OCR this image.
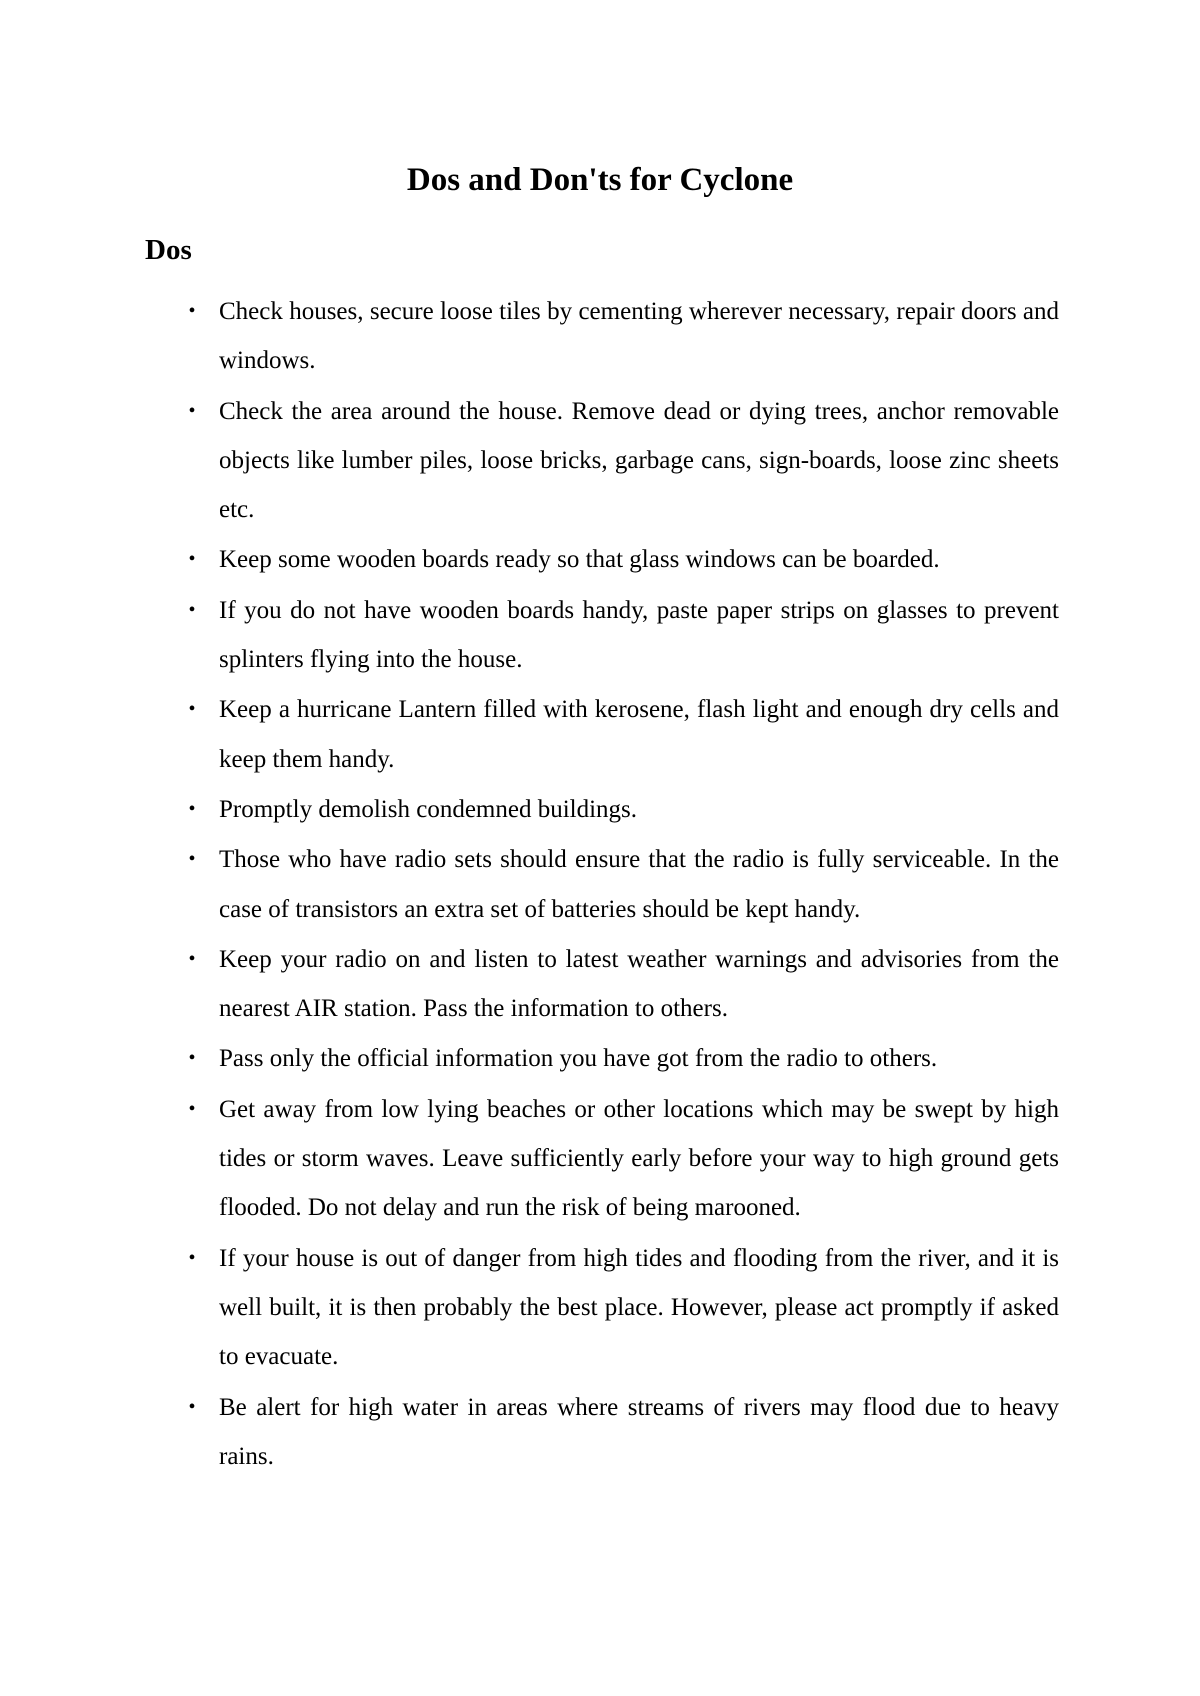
Dos and Don'ts for Cyclone
Dos
• Check houses, secure loose tiles by cementing wherever necessary, repair doors and windows.
• Check the area around the house. Remove dead or dying trees, anchor removable objects like lumber piles, loose bricks, garbage cans, sign-boards, loose zinc sheets etc.
• Keep some wooden boards ready so that glass windows can be boarded.
• If you do not have wooden boards handy, paste paper strips on glasses to prevent splinters flying into the house.
• Keep a hurricane Lantern filled with kerosene, flash light and enough dry cells and keep them handy.
• Promptly demolish condemned buildings.
• Those who have radio sets should ensure that the radio is fully serviceable. In the case of transistors an extra set of batteries should be kept handy.
• Keep your radio on and listen to latest weather warnings and advisories from the nearest AIR station. Pass the information to others.
• Pass only the official information you have got from the radio to others.
• Get away from low lying beaches or other locations which may be swept by high tides or storm waves. Leave sufficiently early before your way to high ground gets flooded. Do not delay and run the risk of being marooned.
• If your house is out of danger from high tides and flooding from the river, and it is well built, it is then probably the best place. However, please act promptly if asked to evacuate.
• Be alert for high water in areas where streams of rivers may flood due to heavy rains.
